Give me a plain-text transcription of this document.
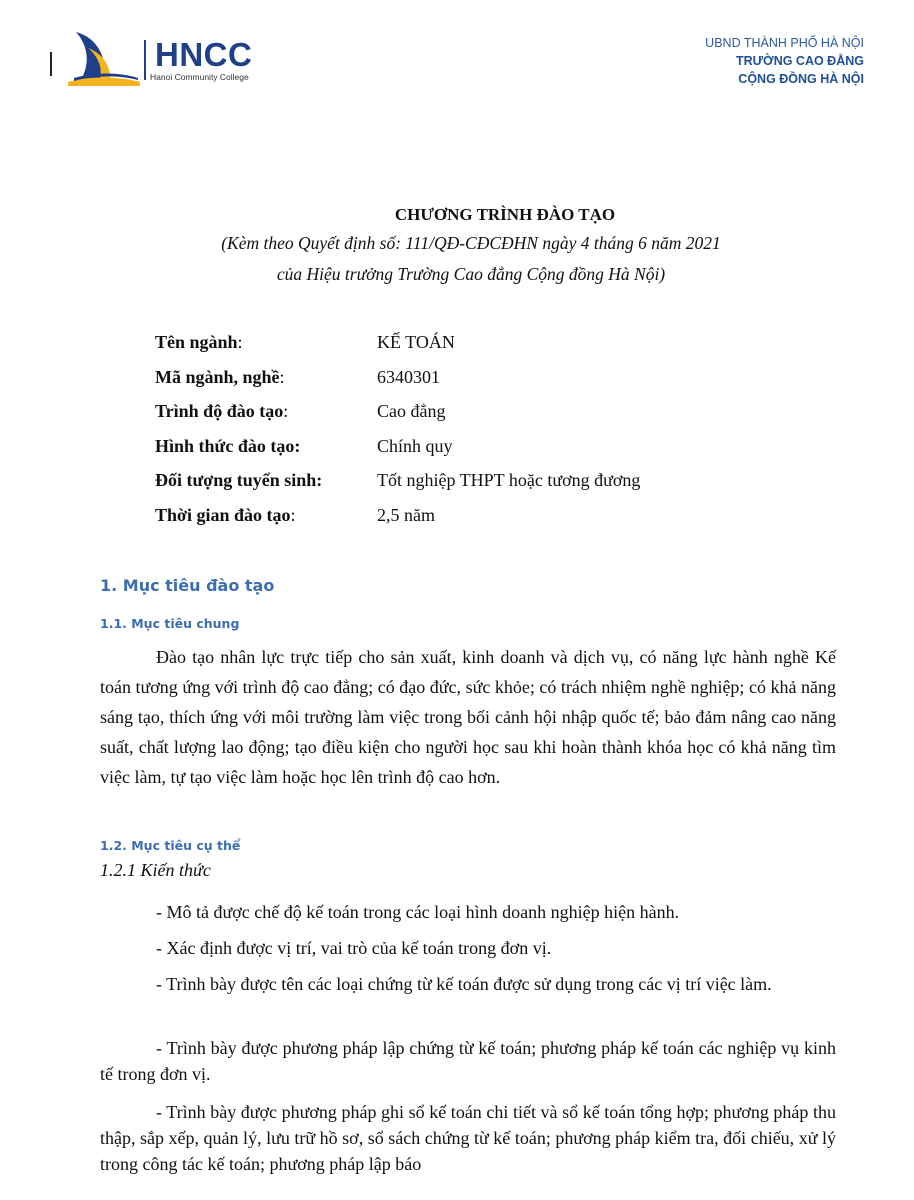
HNCC
Hanoi Community College
UBND THÀNH PHỐ HÀ NỘI
TRƯỜNG CAO ĐẲNG
CỘNG ĐỒNG HÀ NỘI
CHƯƠNG TRÌNH ĐÀO TẠO
(Kèm theo Quyết định số: 111/QĐ-CĐCĐHN ngày 4 tháng 6 năm 2021
của Hiệu trưởng Trường Cao đẳng Cộng đồng Hà Nội)
Tên ngành:	KẾ TOÁN
Mã ngành, nghề:	6340301
Trình độ đào tạo:	Cao đẳng
Hình thức đào tạo:	Chính quy
Đối tượng tuyển sinh:	Tốt nghiệp THPT hoặc tương đương
Thời gian đào tạo:	2,5 năm
1. Mục tiêu đào tạo
1.1. Mục tiêu chung
Đào tạo nhân lực trực tiếp cho sản xuất, kinh doanh và dịch vụ, có năng lực hành nghề Kế toán tương ứng với trình độ cao đẳng; có đạo đức, sức khỏe; có trách nhiệm nghề nghiệp; có khả năng sáng tạo, thích ứng với môi trường làm việc trong bối cảnh hội nhập quốc tế; bảo đảm nâng cao năng suất, chất lượng lao động; tạo điều kiện cho người học sau khi hoàn thành khóa học có khả năng tìm việc làm, tự tạo việc làm hoặc học lên trình độ cao hơn.
1.2. Mục tiêu cụ thể
1.2.1 Kiến thức
- Mô tả được chế độ kế toán trong các loại hình doanh nghiệp hiện hành.
- Xác định được vị trí, vai trò của kế toán trong đơn vị.
- Trình bày được tên các loại chứng từ kế toán được sử dụng trong các vị trí việc làm.
- Trình bày được phương pháp lập chứng từ kế toán; phương pháp kế toán các nghiệp vụ kinh tế trong đơn vị.
- Trình bày được phương pháp ghi sổ kế toán chi tiết và sổ kế toán tổng hợp; phương pháp thu thập, sắp xếp, quản lý, lưu trữ hồ sơ, sổ sách chứng từ kế toán; phương pháp kiểm tra, đối chiếu, xử lý trong công tác kế toán; phương pháp lập báo
